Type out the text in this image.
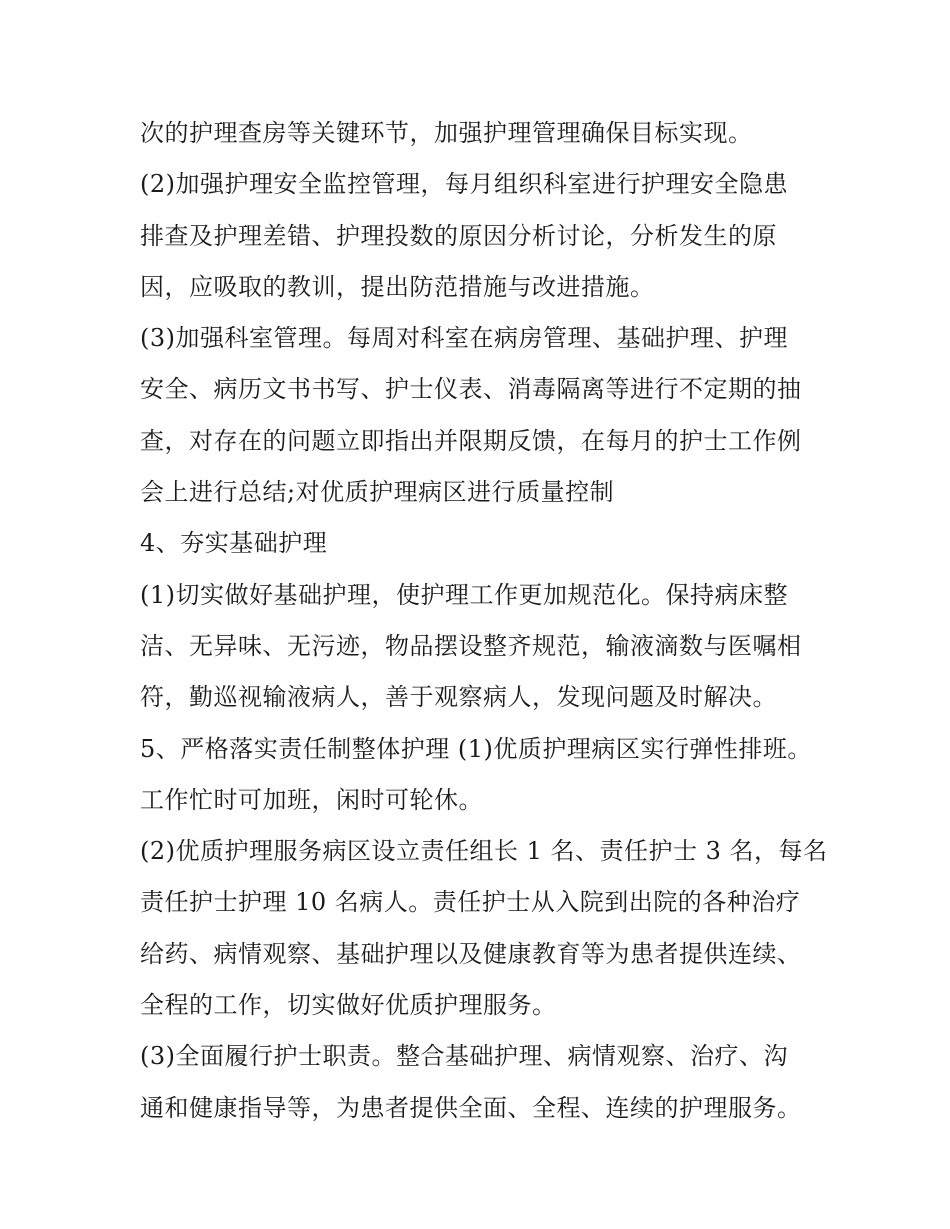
次的护理查房等关键环节，加强护理管理确保目标实现。
(2)加强护理安全监控管理，每月组织科室进行护理安全隐患
排查及护理差错、护理投数的原因分析讨论，分析发生的原
因，应吸取的教训，提出防范措施与改进措施。
(3)加强科室管理。每周对科室在病房管理、基础护理、护理
安全、病历文书书写、护士仪表、消毒隔离等进行不定期的抽
查，对存在的问题立即指出并限期反馈，在每月的护士工作例
会上进行总结;对优质护理病区进行质量控制
4、夯实基础护理
(1)切实做好基础护理，使护理工作更加规范化。保持病床整
洁、无异味、无污迹，物品摆设整齐规范，输液滴数与医嘱相
符，勤巡视输液病人，善于观察病人，发现问题及时解决。
5、严格落实责任制整体护理 (1)优质护理病区实行弹性排班。
工作忙时可加班，闲时可轮休。
(2)优质护理服务病区设立责任组长 1 名、责任护士 3 名，每名
责任护士护理 10 名病人。责任护士从入院到出院的各种治疗
给药、病情观察、基础护理以及健康教育等为患者提供连续、
全程的工作，切实做好优质护理服务。
(3)全面履行护士职责。整合基础护理、病情观察、治疗、沟
通和健康指导等，为患者提供全面、全程、连续的护理服务。
